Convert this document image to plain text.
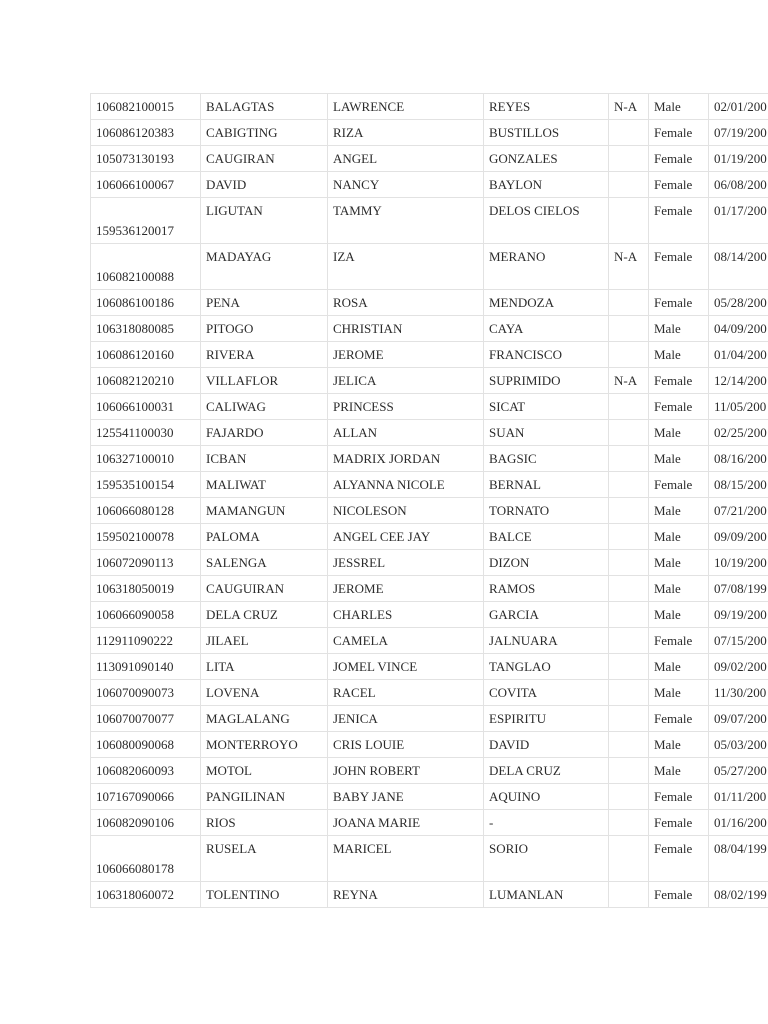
106082100015	BALAGTAS	LAWRENCE	REYES	N-A	Male	02/01/200
106086120383	CABIGTING	RIZA	BUSTILLOS		Female	07/19/200
105073130193	CAUGIRAN	ANGEL	GONZALES		Female	01/19/200
106066100067	DAVID	NANCY	BAYLON		Female	06/08/200
159536120017	LIGUTAN	TAMMY	DELOS CIELOS		Female	01/17/200
106082100088	MADAYAG	IZA	MERANO	N-A	Female	08/14/200
106086100186	PENA	ROSA	MENDOZA		Female	05/28/200
106318080085	PITOGO	CHRISTIAN	CAYA		Male	04/09/200
106086120160	RIVERA	JEROME	FRANCISCO		Male	01/04/200
106082120210	VILLAFLOR	JELICA	SUPRIMIDO	N-A	Female	12/14/200
106066100031	CALIWAG	PRINCESS	SICAT		Female	11/05/200
125541100030	FAJARDO	ALLAN	SUAN		Male	02/25/200
106327100010	ICBAN	MADRIX JORDAN	BAGSIC		Male	08/16/200
159535100154	MALIWAT	ALYANNA NICOLE	BERNAL		Female	08/15/200
106066080128	MAMANGUN	NICOLESON	TORNATO		Male	07/21/200
159502100078	PALOMA	ANGEL CEE JAY	BALCE		Male	09/09/200
106072090113	SALENGA	JESSREL	DIZON		Male	10/19/200
106318050019	CAUGUIRAN	JEROME	RAMOS		Male	07/08/199
106066090058	DELA CRUZ	CHARLES	GARCIA		Male	09/19/200
112911090222	JILAEL	CAMELA	JALNUARA		Female	07/15/200
113091090140	LITA	JOMEL VINCE	TANGLAO		Male	09/02/200
106070090073	LOVENA	RACEL	COVITA		Male	11/30/200
106070070077	MAGLALANG	JENICA	ESPIRITU		Female	09/07/200
106080090068	MONTERROYO	CRIS LOUIE	DAVID		Male	05/03/200
106082060093	MOTOL	JOHN ROBERT	DELA CRUZ		Male	05/27/200
107167090066	PANGILINAN	BABY JANE	AQUINO		Female	01/11/200
106082090106	RIOS	JOANA MARIE	-		Female	01/16/200
106066080178	RUSELA	MARICEL	SORIO		Female	08/04/199
106318060072	TOLENTINO	REYNA	LUMANLAN		Female	08/02/199
